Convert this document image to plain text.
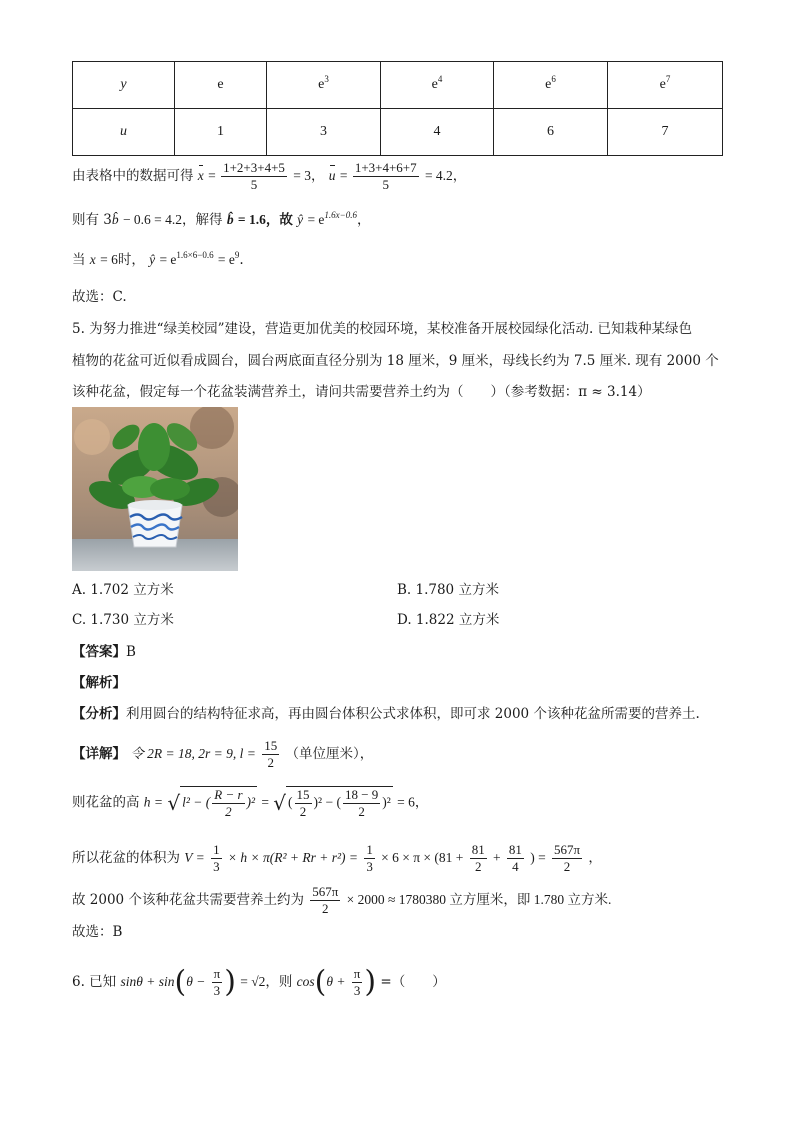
y	e	$e^3$	$e^4$	$e^6$	$e^7$
u	1	3	4	6	7
由表格中的数据可得 $x = \frac{1+2+3+4+5}{5} = 3$， $u = \frac{1+3+4+6+7}{5} = 4.2$，
则有 3b̂ − 0.6 = 4.2，解得 b̂ = 1.6，故 ŷ = $e^{1.6x-0.6}$，
当 x = 6时， ŷ = $e^{1.6\times 6-0.6} = e^9$.
故选：C.
5. 为努力推进“绿美校园”建设，营造更加优美的校园环境，某校准备开展校园绿化活动. 已知栽种某绿色
植物的花盆可近似看成圆台，圆台两底面直径分别为 18 厘米，9 厘米，母线长约为 7.5 厘米. 现有 2000 个
该种花盆，假定每一个花盆装满营养土，请问共需要营养土约为（　　）（参考数据：π ≈ 3.14）
A. 1.702 立方米	B. 1.780 立方米
C. 1.730 立方米	D. 1.822 立方米
【答案】B
【解析】
【分析】利用圆台的结构特征求高，再由圆台体积公式求体积，即可求 2000 个该种花盆所需要的营养土.
【详解】 令 2R = 18, 2r = 9, $l = \frac{15}{2}$ （单位厘米），
则花盆的高 h = √ l² − ( $\frac{R - r}{2} )^2$ = √ ( $\frac{15}{2} )^2$ − ( $\frac{18 - 9}{2} )^2 = 6$，
所以花盆的体积为 $V = \frac{1}{3} \times h \times \pi(R^2 + Rr + r^2) = \frac{1}{3} \times 6 \times \pi \times (81 + \frac{81}{2} + \frac{81}{4}$ ) = $\frac{567\pi}{2}$ ，
故 2000 个该种花盆共需要营养土约为 $\frac{567\pi}{2} \times 2000 \approx 1780380$ 立方厘米，即 1.780 立方米.
故选：B
6. 已知 $\sin\theta + \sin(\theta - \frac{\pi}{3}$ ) = √2，则 $\cos(\theta + \frac{\pi}{3}$ ) =（　　）
